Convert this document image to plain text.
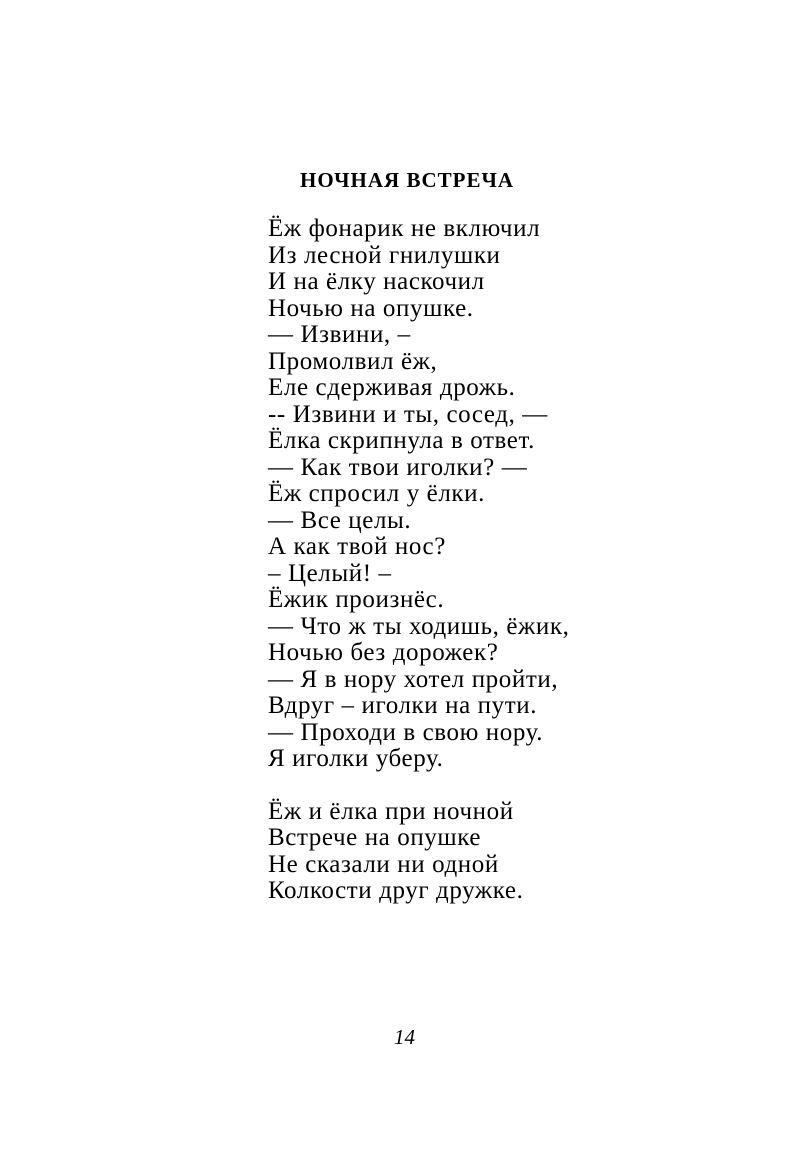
НОЧНАЯ ВСТРЕЧА
Ёж фонарик не включил
Из лесной гнилушки
И на ёлку наскочил
Ночью на опушке.
— Извини, –
Промолвил ёж,
Еле сдерживая дрожь.
-- Извини и ты, сосед, —
Ёлка скрипнула в ответ.
— Как твои иголки? —
Ёж спросил у ёлки.
— Все целы.
А как твой нос?
– Целый! –
Ёжик произнёс.
— Что ж ты ходишь, ёжик,
Ночью без дорожек?
— Я в нору хотел пройти,
Вдруг – иголки на пути.
— Проходи в свою нору.
Я иголки уберу.
Ёж и ёлка при ночной
Встрече на опушке
Не сказали ни одной
Колкости друг дружке.
14
